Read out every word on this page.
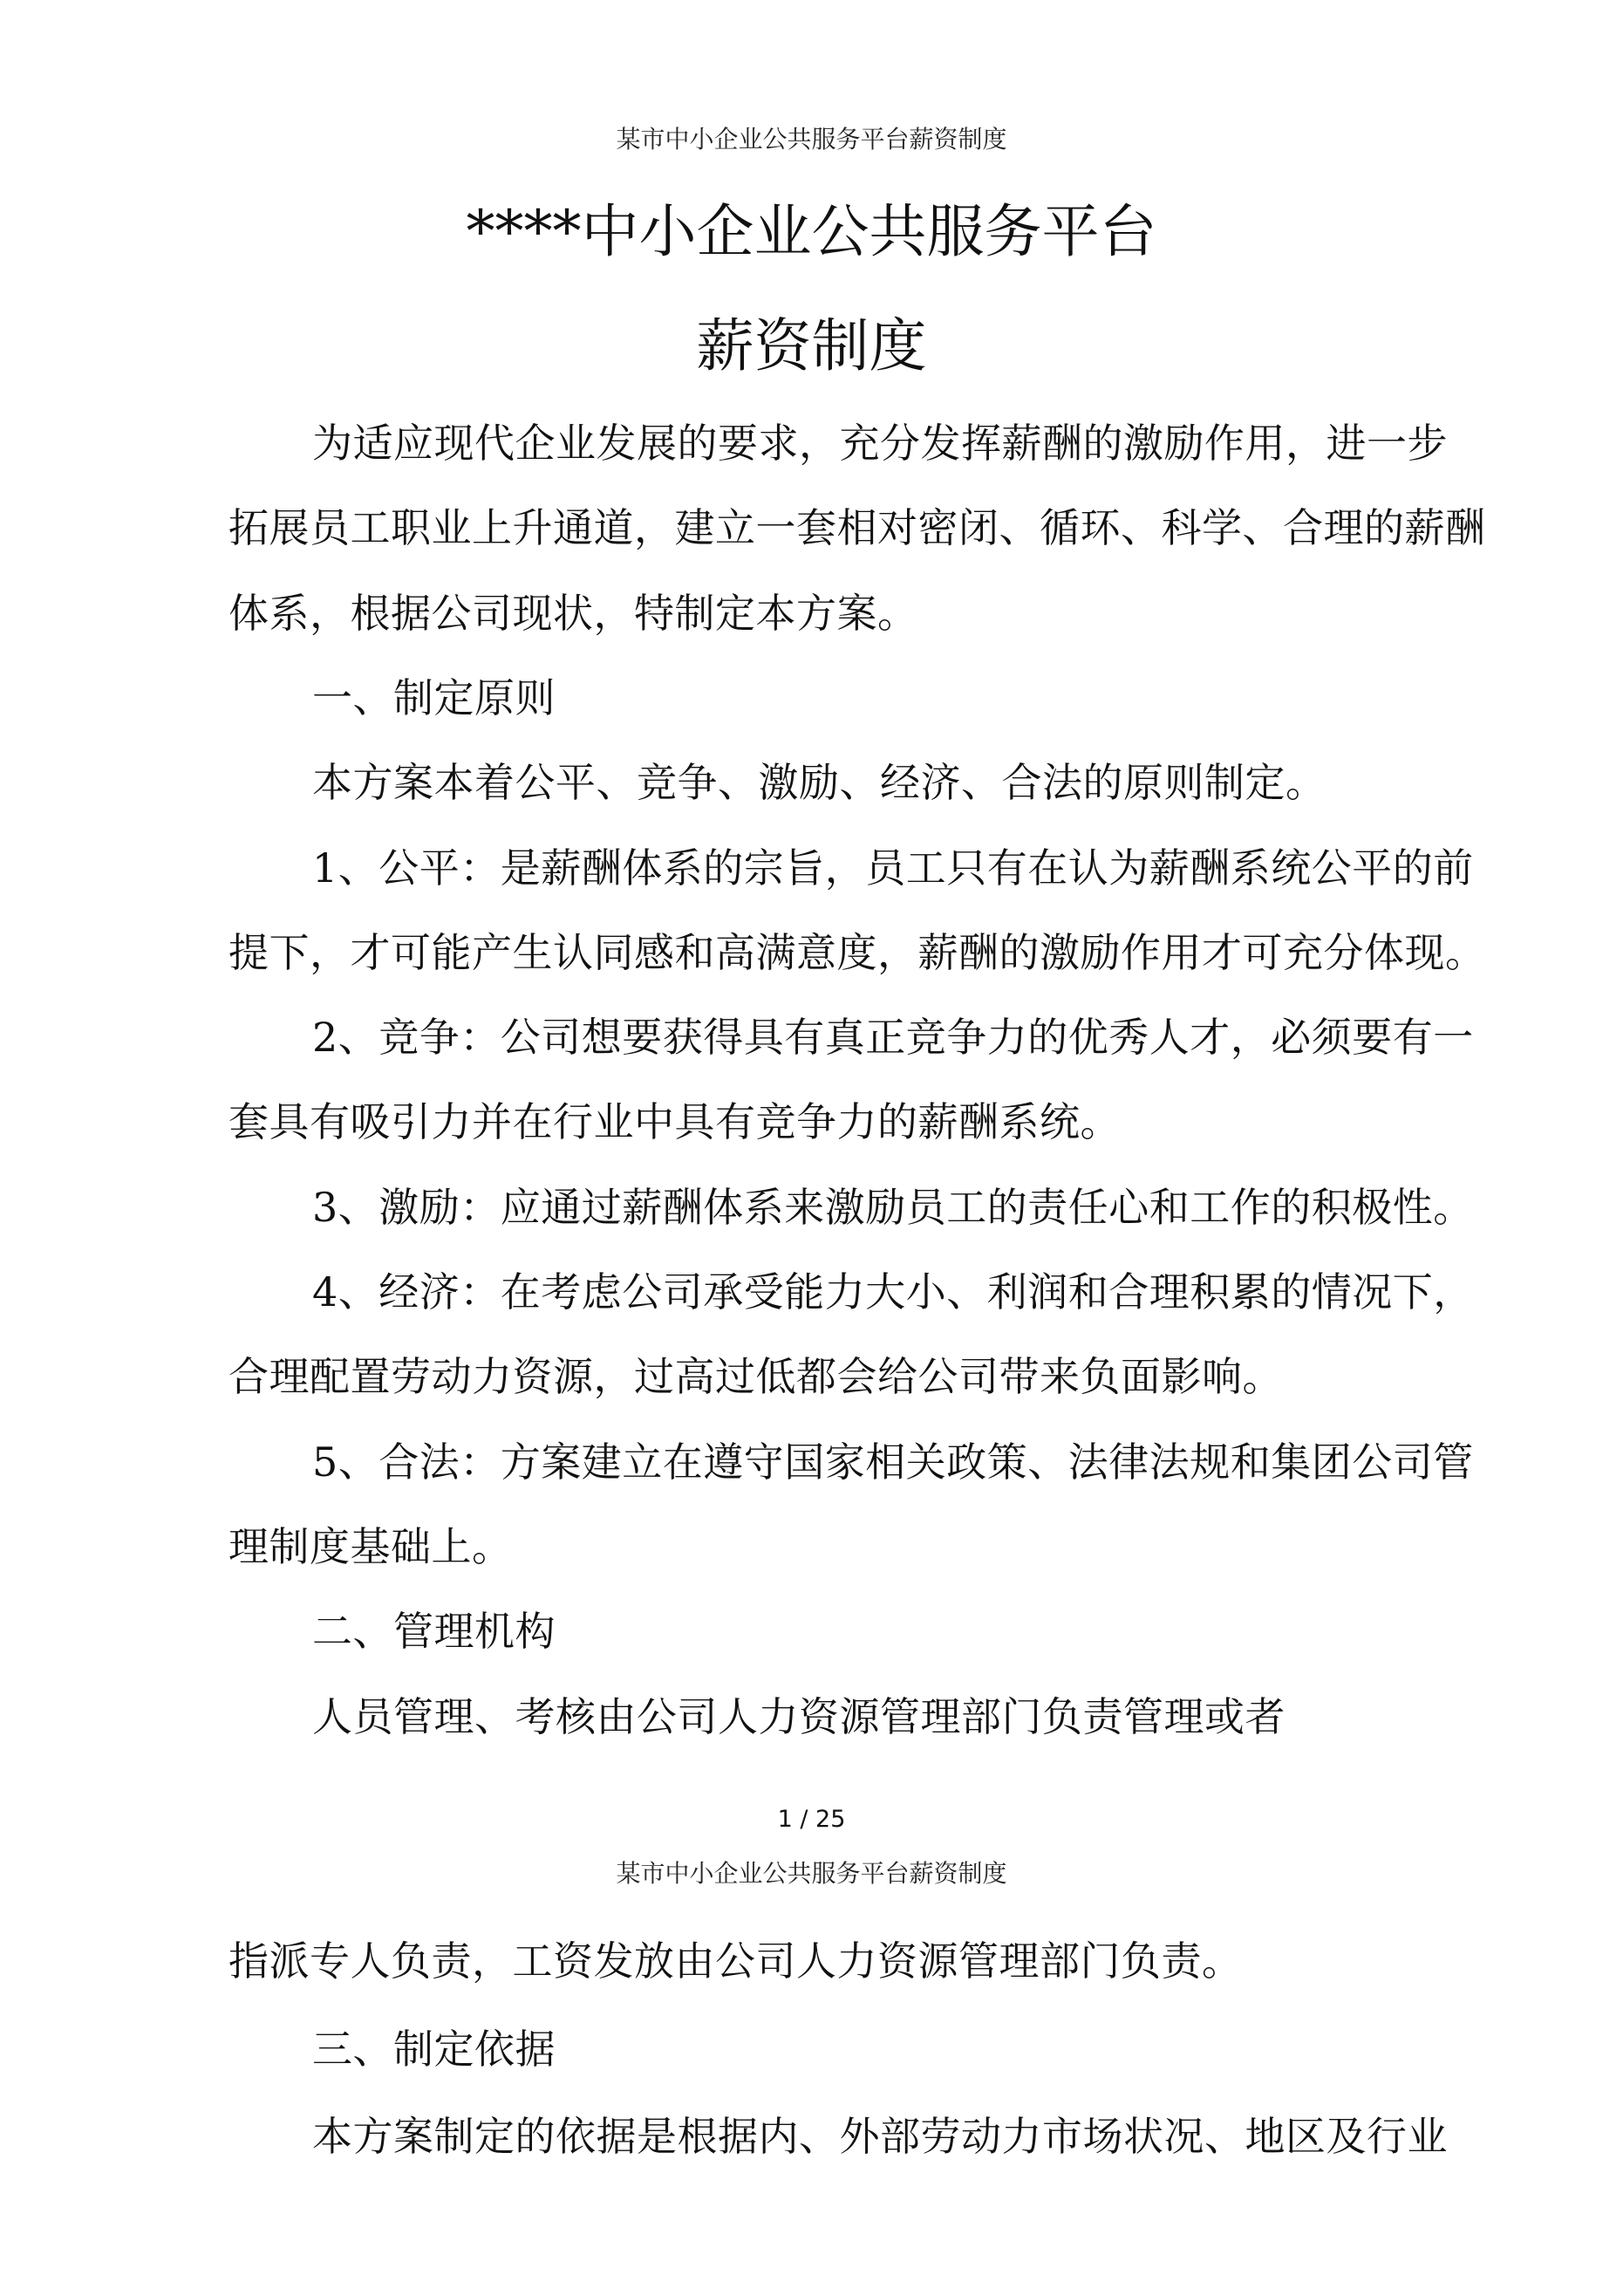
某市中小企业公共服务平台薪资制度
****中小企业公共服务平台
薪资制度
为适应现代企业发展的要求，充分发挥薪酬的激励作用，进一步
拓展员工职业上升通道，建立一套相对密闭、循环、科学、合理的薪酬
体系，根据公司现状，特制定本方案。
一、制定原则
本方案本着公平、竞争、激励、经济、合法的原则制定。
1、公平：是薪酬体系的宗旨，员工只有在认为薪酬系统公平的前
提下，才可能产生认同感和高满意度，薪酬的激励作用才可充分体现。
2、竞争：公司想要获得具有真正竞争力的优秀人才，必须要有一
套具有吸引力并在行业中具有竞争力的薪酬系统。
3、激励：应通过薪酬体系来激励员工的责任心和工作的积极性。
4、经济：在考虑公司承受能力大小、利润和合理积累的情况下，
合理配置劳动力资源，过高过低都会给公司带来负面影响。
5、合法：方案建立在遵守国家相关政策、法律法规和集团公司管
理制度基础上。
二、管理机构
人员管理、考核由公司人力资源管理部门负责管理或者
1 / 25
某市中小企业公共服务平台薪资制度
指派专人负责，工资发放由公司人力资源管理部门负责。
三、制定依据
本方案制定的依据是根据内、外部劳动力市场状况、地区及行业
